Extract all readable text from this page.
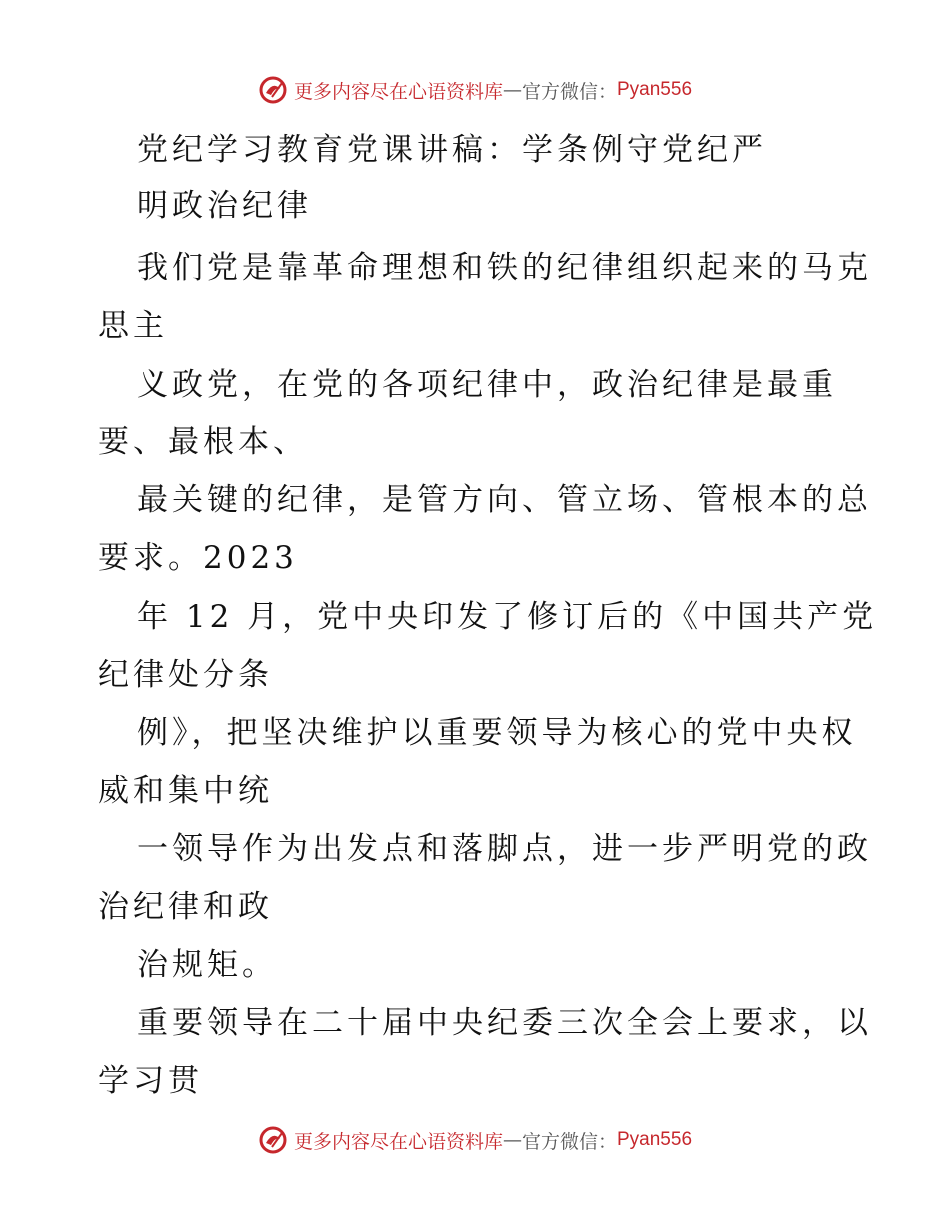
更多内容尽在心语资料库 — 官方微信： Pyan556
党纪学习教育党课讲稿：学条例守党纪严
明政治纪律
我们党是靠革命理想和铁的纪律组织起来的马克
思主
义政党，在党的各项纪律中，政治纪律是最重
要、最根本、
最关键的纪律，是管方向、管立场、管根本的总
要求。2023
年 12 月，党中央印发了修订后的《中国共产党
纪律处分条
例》，把坚决维护以重要领导为核心的党中央权
威和集中统
一领导作为出发点和落脚点，进一步严明党的政
治纪律和政
治规矩。
重要领导在二十届中央纪委三次全会上要求，以
学习贯
更多内容尽在心语资料库 — 官方微信： Pyan556
